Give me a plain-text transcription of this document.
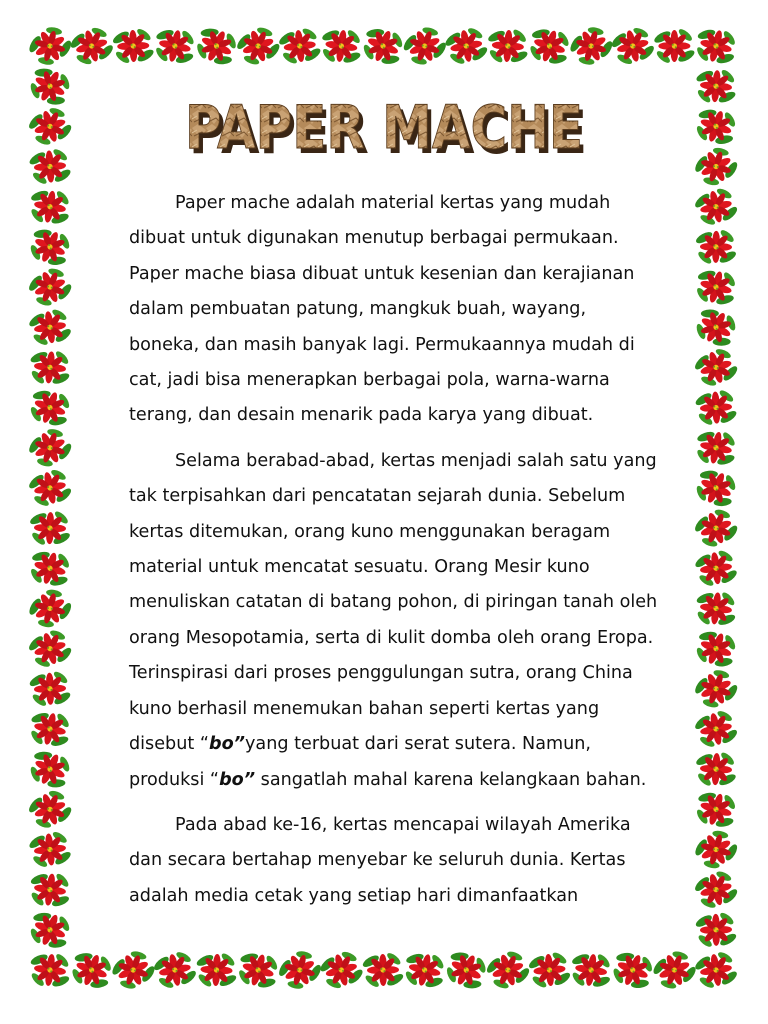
PAPER MACHE
PAPER MACHE

Paper mache adalah material kertas yang mudah
dibuat untuk digunakan menutup berbagai permukaan.
Paper mache biasa dibuat untuk kesenian dan kerajianan
dalam pembuatan patung, mangkuk buah, wayang,
boneka, dan masih banyak lagi. Permukaannya mudah di
cat, jadi bisa menerapkan berbagai pola, warna-warna
terang, dan desain menarik pada karya yang dibuat.

Selama berabad-abad, kertas menjadi salah satu yang
tak terpisahkan dari pencatatan sejarah dunia. Sebelum
kertas ditemukan, orang kuno menggunakan beragam
material untuk mencatat sesuatu. Orang Mesir kuno
menuliskan catatan di batang pohon, di piringan tanah oleh
orang Mesopotamia, serta di kulit domba oleh orang Eropa.
Terinspirasi dari proses penggulungan sutra, orang China
kuno berhasil menemukan bahan seperti kertas yang
disebut “bo”yang terbuat dari serat sutera. Namun,
produksi “bo” sangatlah mahal karena kelangkaan bahan.

Pada abad ke-16, kertas mencapai wilayah Amerika
dan secara bertahap menyebar ke seluruh dunia. Kertas
adalah media cetak yang setiap hari dimanfaatkan
